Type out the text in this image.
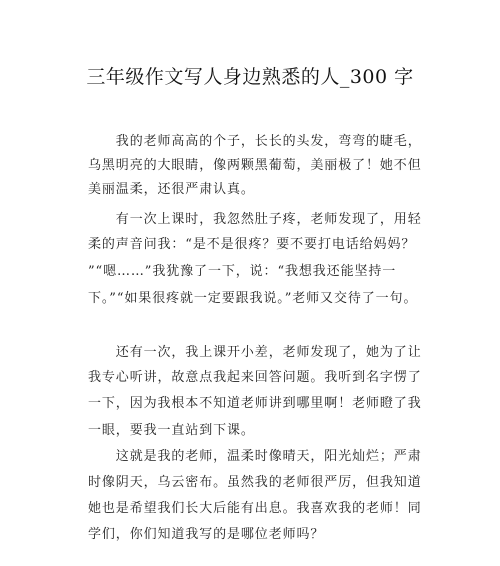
三年级作文写人身边熟悉的人_300 字
　　我的老师高高的个子，长长的头发，弯弯的睫毛，
乌黑明亮的大眼睛，像两颗黑葡萄，美丽极了！她不但
美丽温柔，还很严肃认真。
　　有一次上课时，我忽然肚子疼，老师发现了，用轻
柔的声音问我：“是不是很疼？要不要打电话给妈妈？
”“嗯……”我犹豫了一下，说：“我想我还能坚持一
下。”“如果很疼就一定要跟我说。”老师又交待了一句。
　　还有一次，我上课开小差，老师发现了，她为了让
我专心听讲，故意点我起来回答问题。我听到名字愣了
一下，因为我根本不知道老师讲到哪里啊！老师瞪了我
一眼，要我一直站到下课。
　　这就是我的老师，温柔时像晴天，阳光灿烂；严肃
时像阴天，乌云密布。虽然我的老师很严厉，但我知道
她也是希望我们长大后能有出息。我喜欢我的老师！同
学们，你们知道我写的是哪位老师吗？
